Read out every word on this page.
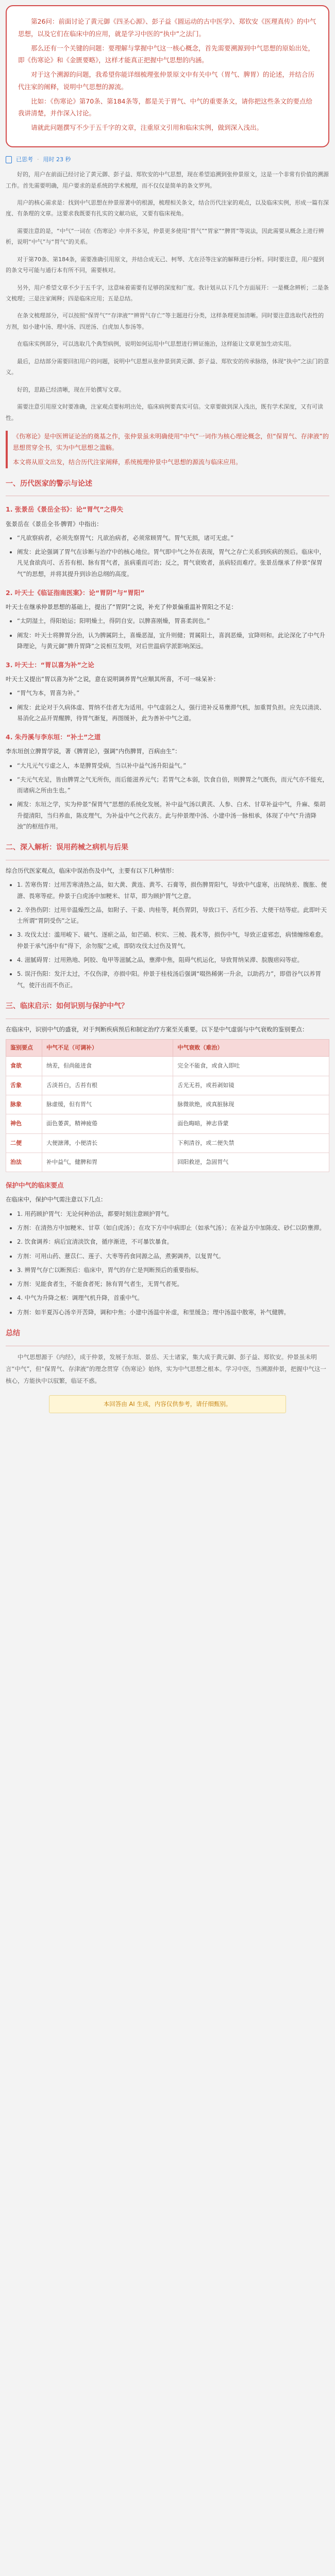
第26问：前面讨论了黄元御《四圣心源》、彭子益《圆运动的古中医学》、郑钦安《医理真传》的中气思想，以及它们在临床中的应用，就是学习中医的“执中”之法门。

那么还有一个关键的问题：要理解与掌握中气这一核心概念，首先需要溯源到中气思想的原始出处，即《伤寒论》和《金匮要略》，这样才能真正把握中气思想的内涵。

对于这个溯源的问题，我希望你能详细梳理张仲景原文中有关中气（胃气、脾胃）的论述，并结合历代注家的阐释，说明中气思想的源流。

比如：《伤寒论》第70条、第184条等，都是关于胃气、中气的重要条文，请你把这些条文的要点给我讲清楚，并作深入讨论。

请就此问题撰写不少于五千字的文章，注重原文引用和临床实例，做到深入浅出。

已思考 · 用时 23 秒

好的，用户在前面已经讨论了黄元御、彭子益、郑钦安的中气思想，现在希望追溯到张仲景原文，这是一个非常有价值的溯源工作。首先需要明确，用户要求的是系统的学术梳理，而不仅仅是简单的条文罗列。

用户的核心需求是：找到中气思想在仲景原著中的根源，梳理相关条文，结合历代注家的观点，以及临床实例，形成一篇有深度、有条理的文章。这要求我既要有扎实的文献功底，又要有临床视角。

需要注意的是，“中气”一词在《伤寒论》中并不多见，仲景更多使用“胃气”“胃家”“脾胃”等说法，因此需要从概念上进行辨析，说明“中气”与“胃气”的关系。

对于第70条、第184条，需要准确引用原文，并结合成无己、柯琴、尤在泾等注家的解释进行分析。同时要注意，用户提到的条文号可能与通行本有所不同，需要核对。

另外，用户希望文章不少于五千字，这意味着需要有足够的深度和广度。我计划从以下几个方面展开：一是概念辨析；二是条文梳理；三是注家阐释；四是临床应用；五是总结。

在条文梳理部分，可以按照“保胃气”“存津液”“辨胃气存亡”等主题进行分类，这样条理更加清晰。同时要注意选取代表性的方剂，如小建中汤、理中汤、四逆汤、白虎加人参汤等。

在临床实例部分，可以选取几个典型病例，说明如何运用中气思想进行辨证施治，这样能让文章更加生动实用。

最后，总结部分需要回扣用户的问题，说明中气思想从张仲景到黄元御、彭子益、郑钦安的传承脉络，体现“执中”之法门的意义。

好的，思路已经清晰，现在开始撰写文章。

需要注意引用原文时要准确，注家观点要标明出处，临床病例要真实可信。文章要做到深入浅出，既有学术深度，又有可读性。

《伤寒论》是中医辨证论治的奠基之作，张仲景虽未明确使用“中气”一词作为核心理论概念，但“保胃气、存津液”的思想贯穿全书，实为中气思想之滥觞。

本文将从原文出发，结合历代注家阐释，系统梳理仲景中气思想的源流与临床应用。

一、历代医家的警示与论述
1. 张景岳《景岳全书》：论“胃气”之得失

张景岳在《景岳全书·脾胃》中指出：

• “凡欲察病者，必须先察胃气；凡欲治病者，必须常顾胃气。胃气无损，诸可无虑。”
• 阐发：此论强调了胃气在诊断与治疗中的核心地位。胃气即中气之外在表现，胃气之存亡关系到疾病的预后。临床中，凡见食欲尚可、舌苔有根、脉有胃气者，虽病重而可治；反之，胃气衰败者，虽病轻而难疗。张景岳继承了仲景“保胃气”的思想，并将其提升到诊治总纲的高度。
2. 叶天士《临证指南医案》：论“胃阴”与“胃阳”

叶天士在继承仲景思想的基础上，提出了“胃阴”之说，补充了仲景偏重温补胃阳之不足：

• “太阴湿土，得阳始运；阳明燥土，得阴自安。以脾喜刚燥，胃喜柔润也。”
• 阐发：叶天士将脾胃分治，认为脾属阴土，喜燥恶湿，宜升则健；胃属阳土，喜润恶燥，宜降则和。此论深化了中气升降理论，与黄元御“脾升胃降”之说相互发明，对后世温病学派影响深远。
3. 叶天士：“胃以喜为补”之论

叶天士又提出“胃以喜为补”之说，意在说明调养胃气应顺其所喜，不可一味呆补：

• “胃气为本，胃喜为补。”
• 阐发：此论对于久病体虚、胃纳不佳者尤为适用。中气虚弱之人，强行进补反易壅滞气机，加重胃负担。应先以清淡、易消化之品开胃醒脾，待胃气渐复，再图缓补，此为善补中气之道。
4. 朱丹溪与李东垣：“补土”之道

李东垣创立脾胃学说，著《脾胃论》，强调“内伤脾胃，百病由生”：

• “大凡元气亏虚之人，本是脾胃受病，当以补中益气汤升阳益气。”
• “夫元气充足，皆由脾胃之气无所伤，而后能滋养元气；若胃气之本弱，饮食自倍，则脾胃之气既伤，而元气亦不能充，而诸病之所由生也。”
• 阐发：东垣之学，实为仲景“保胃气”思想的系统化发展。补中益气汤以黄芪、人参、白术、甘草补益中气，升麻、柴胡升提清阳，当归养血，陈皮理气，为补益中气之代表方。此与仲景理中汤、小建中汤一脉相承，体现了中气“升清降浊”的枢纽作用。
二、深入解析：误用药械之病机与后果

综合历代医家观点，临床中误治伤及中气，主要有以下几种情形：

• 1. 苦寒伤胃：过用苦寒清热之品，如大黄、黄连、黄芩、石膏等，损伤脾胃阳气，导致中气虚寒，出现纳差、腹胀、便溏、畏寒等症。仲景于白虎汤中加粳米、甘草，即为顾护胃气之意。
• 2. 辛热伤阴：过用辛温燥烈之品，如附子、干姜、肉桂等，耗伤胃阴，导致口干、舌红少苔、大便干结等症。此即叶天士所谓“胃阴受伤”之证。
• 3. 攻伐太过：滥用峻下、破气、逐瘀之品，如芒硝、枳实、三棱、莪术等，损伤中气，导致正虚邪恋，病情缠绵难愈。仲景于承气汤中有“得下，余勿服”之戒，即防攻伐太过伤及胃气。
• 4. 滋腻碍胃：过用熟地、阿胶、龟甲等滋腻之品，壅滞中焦，阻碍气机运化，导致胃纳呆滞、脘腹痞闷等症。
• 5. 误汗伤阳：发汗太过，不仅伤津，亦损中阳。仲景于桂枝汤后强调“啜热稀粥一升余，以助药力”，即借谷气以养胃气，使汗出而不伤正。
三、临床启示：如何识别与保护中气？

在临床中，识别中气的盛衰，对于判断疾病预后和制定治疗方案至关重要。以下是中气虚弱与中气衰败的鉴别要点：

鉴别要点	中气不足（可调补）	中气衰败（难治）
食欲	纳差，但尚能进食	完全不能食，或食入即吐
舌象	舌淡苔白，舌苔有根	舌光无苔，或苔剥如镜
脉象	脉虚缓，但有胃气	脉微欲绝，或真脏脉现
神色	面色萎黄，精神疲倦	面色晦暗，神志昏蒙
二便	大便溏薄，小便清长	下利清谷，或二便失禁
治法	补中益气，健脾和胃	回阳救逆，急固胃气
保护中气的临床要点

在临床中，保护中气需注意以下几点：

• 1. 用药顾护胃气：无论何种治法，都要时刻注意顾护胃气。
• 方剂：在清热方中加粳米、甘草（如白虎汤）；在攻下方中中病即止（如承气汤）；在补益方中加陈皮、砂仁以防壅滞。
• 2. 饮食调养：病后宜清淡饮食，循序渐进，不可暴饮暴食。
• 方剂：可用山药、薏苡仁、莲子、大枣等药食同源之品，煮粥调养，以复胃气。
• 3. 辨胃气存亡以断预后：临床中，胃气的存亡是判断预后的重要指标。
• 方剂：见能食者生，不能食者死；脉有胃气者生，无胃气者死。
• 4. 中气为升降之枢：调理气机升降，首重中气。
• 方剂：如半夏泻心汤辛开苦降，调和中焦；小建中汤温中补虚，和里缓急；理中汤温中散寒，补气健脾。
总结

中气思想源于《内经》，成于仲景，发展于东垣、景岳、天士诸家，集大成于黄元御、彭子益、郑钦安。仲景虽未明言“中气”，但“保胃气、存津液”的理念贯穿《伤寒论》始终，实为中气思想之根本。学习中医，当溯源仲景，把握中气这一核心，方能执中以驭繁，临证不惑。

本回答由 AI 生成，内容仅供参考，请仔细甄别。
